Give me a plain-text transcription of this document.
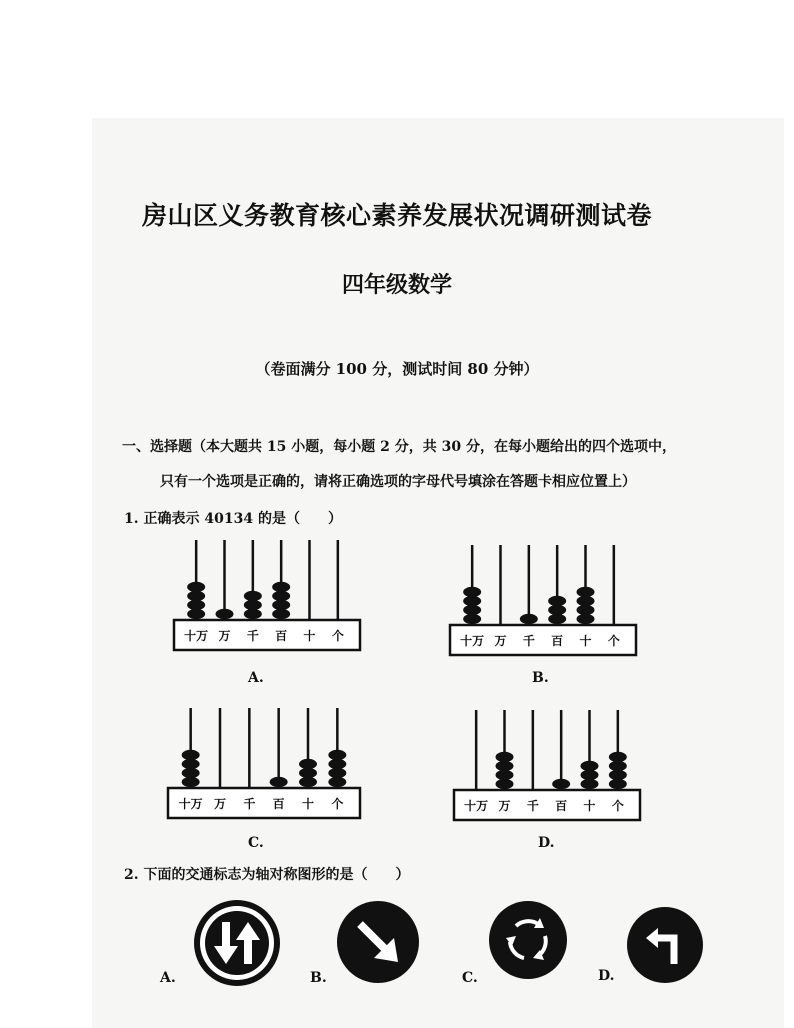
房山区义务教育核心素养发展状况调研测试卷
四年级数学
（卷面满分 100 分，测试时间 80 分钟）
一、选择题（本大题共 15 小题，每小题 2 分，共 30 分，在每小题给出的四个选项中，
只有一个选项是正确的，请将正确选项的字母代号填涂在答题卡相应位置上）
1. 正确表示 40134 的是（　　）
十万 万 千 百 十 个
A.
十万 万 千 百 十 个
B.
十万 万 千 百 十 个
C.
十万 万 千 百 十 个
D.
2. 下面的交通标志为轴对称图形的是（　　）
A.	B.	C.	D.
